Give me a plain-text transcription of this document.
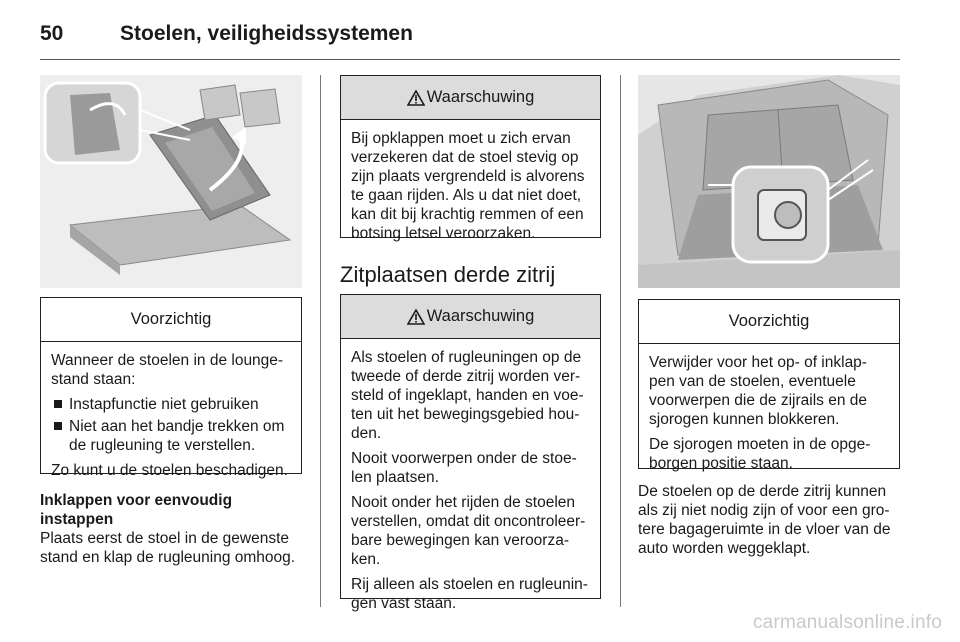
50	Stoelen, veiligheidssystemen
Voorzichtig

Wanneer de stoelen in de lounge-stand staan:

Instapfunctie niet gebruiken
Niet aan het bandje trekken om de rugleuning te verstellen.

Zo kunt u de stoelen beschadigen.

Inklappen voor eenvoudig instappen
Plaats eerst de stoel in de gewenste stand en klap de rugleuning omhoog.
Waarschuwing

Bij opklappen moet u zich ervan verzekeren dat de stoel stevig op zijn plaats vergrendeld is alvorens te gaan rijden. Als u dat niet doet, kan dit bij krachtig remmen of een botsing letsel veroorzaken.

Zitplaatsen derde zitrij
Waarschuwing

Als stoelen of rugleuningen op de tweede of derde zitrij worden ver-steld of ingeklapt, handen en voe-ten uit het bewegingsgebied hou-den.

Nooit voorwerpen onder de stoe-len plaatsen.

Nooit onder het rijden de stoelen verstellen, omdat dit oncontroleer-bare bewegingen kan veroorza-ken.

Rij alleen als stoelen en rugleunin-gen vast staan.

Voorzichtig

Verwijder voor het op- of inklap-pen van de stoelen, eventuele voorwerpen die de zijrails en de sjorogen kunnen blokkeren.

De sjorogen moeten in de opge-borgen positie staan.

De stoelen op de derde zitrij kunnen als zij niet nodig zijn of voor een gro-tere bagageruimte in de vloer van de auto worden weggeklapt.
carmanualsonline.info
